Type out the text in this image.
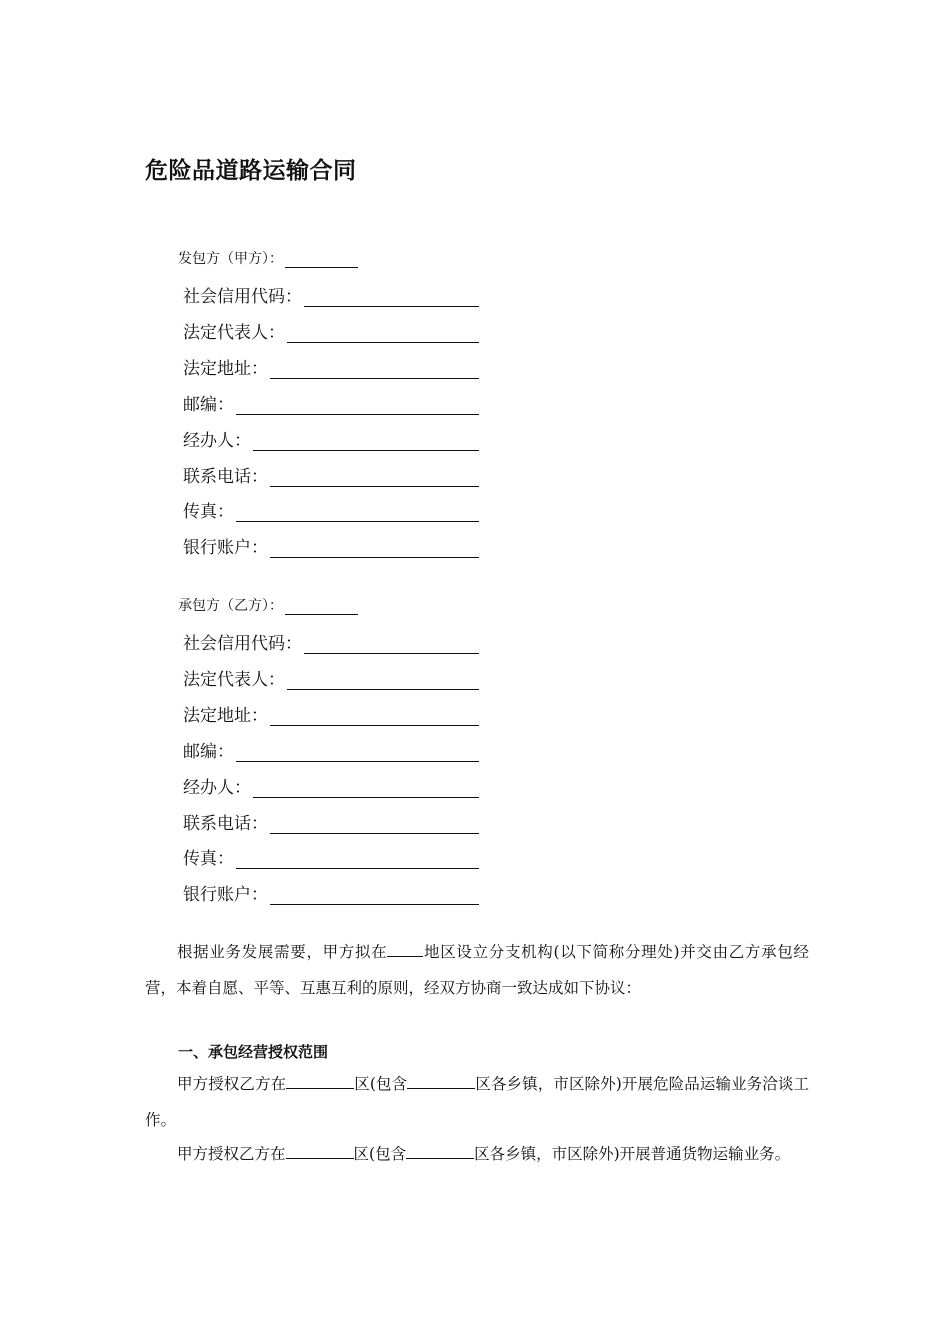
危险品道路运输合同
发包方（甲方）：
社会信用代码：
法定代表人：
法定地址：
邮编：
经办人：
联系电话：
传真：
银行账户：
承包方（乙方）：
社会信用代码：
法定代表人：
法定地址：
邮编：
经办人：
联系电话：
传真：
银行账户：

根据业务发展需要，甲方拟在 地区设立分支机构(以下简称分理处)并交由乙方承包经营，本着自愿、平等、互惠互利的原则，经双方协商一致达成如下协议：

一、承包经营授权范围

甲方授权乙方在	区(包含	区各乡镇，市区除外)开展危险品运输业务洽谈工作。

甲方授权乙方在	区(包含	区各乡镇，市区除外)开展普通货物运输业务。
